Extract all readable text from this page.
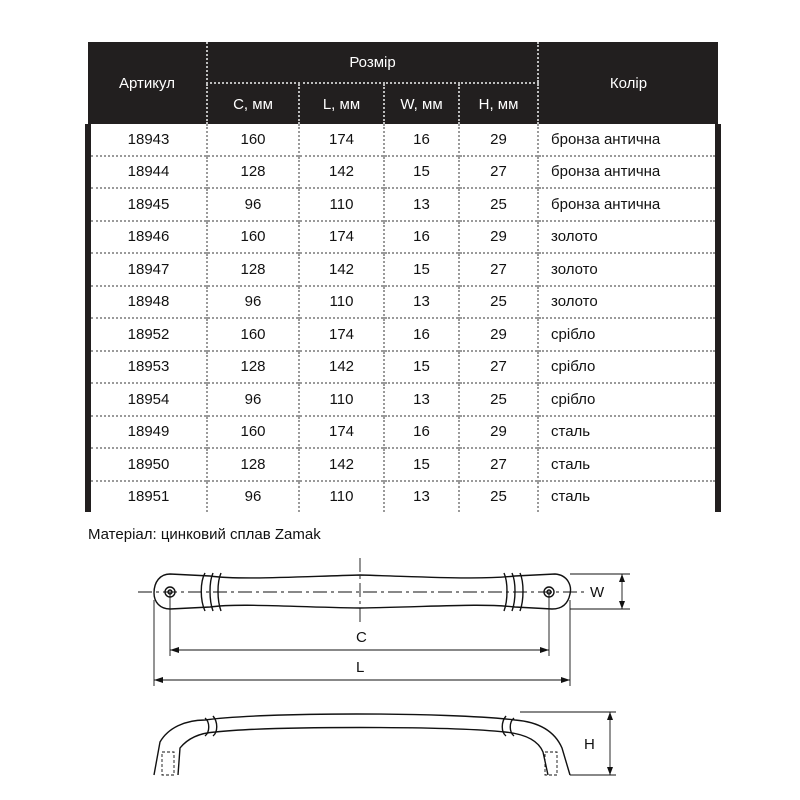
Артикул	Розмір				Колір
	С, мм	L, мм	W, мм	Н, мм	
18943	160	174	16	29	бронза антична
18944	128	142	15	27	бронза антична
18945	96	110	13	25	бронза антична
18946	160	174	16	29	золото
18947	128	142	15	27	золото
18948	96	110	13	25	золото
18952	160	174	16	29	срібло
18953	128	142	15	27	срібло
18954	96	110	13	25	срібло
18949	160	174	16	29	сталь
18950	128	142	15	27	сталь
18951	96	110	13	25	сталь

Матеріал: цинковий сплав Zamak

W
C
L
H
